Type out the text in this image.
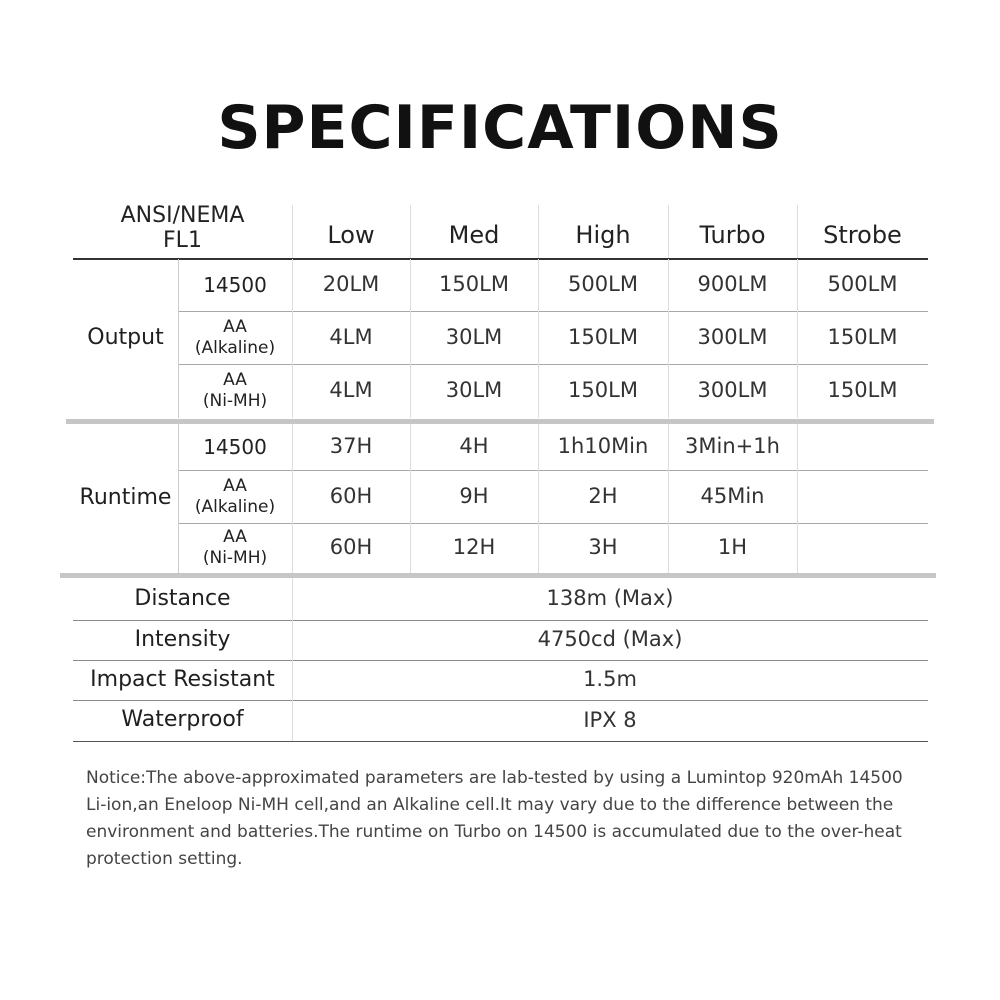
SPECIFICATIONS
ANSI/NEMA
FL1	Low	Med	High	Turbo	Strobe
Output
14500	20LM	150LM	500LM	900LM	500LM
AA
(Alkaline)	4LM	30LM	150LM	300LM	150LM
AA
(Ni-MH)	4LM	30LM	150LM	300LM	150LM
Runtime
14500	37H	4H	1h10Min	3Min+1h
AA
(Alkaline)	60H	9H	2H	45Min
AA
(Ni-MH)	60H	12H	3H	1H
Distance	138m (Max)
Intensity	4750cd (Max)
Impact Resistant	1.5m
Waterproof	IPX 8
Notice:The above-approximated parameters are lab-tested by using a Lumintop 920mAh 14500
Li-ion,an Eneloop Ni-MH cell,and an Alkaline cell.It may vary due to the difference between the
environment and batteries.The runtime on Turbo on 14500 is accumulated due to the over-heat
protection setting.
